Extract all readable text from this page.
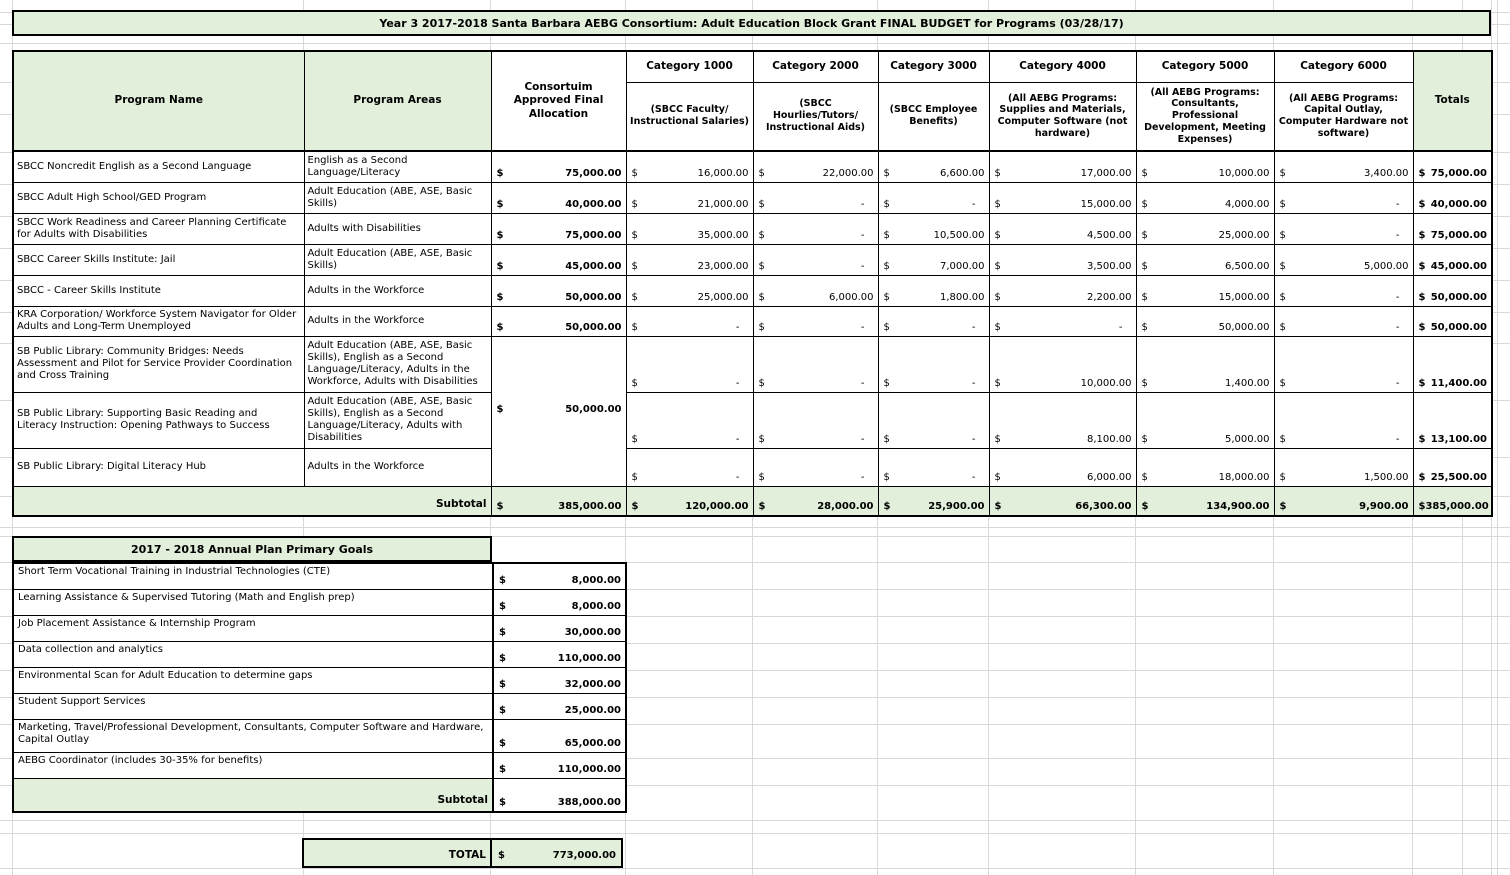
Year 3 2017-2018 Santa Barbara AEBG Consortium: Adult Education Block Grant FINAL BUDGET for Programs (03/28/17)
Program Name	Program Areas	Consortuim Approved Final Allocation	Category 1000	Category 2000	Category 3000	Category 4000	Category 5000	Category 6000	Totals
			(SBCC Faculty/ Instructional Salaries)	(SBCC Hourlies/Tutors/ Instructional Aids)	(SBCC Employee Benefits)	(All AEBG Programs: Supplies and Materials, Computer Software (not hardware)	(All AEBG Programs: Consultants, Professional Development, Meeting Expenses)	(All AEBG Programs: Capital Outlay, Computer Hardware not software)	
SBCC Noncredit English as a Second Language	English as a Second Language/Literacy	$ 75,000.00	$ 16,000.00	$ 22,000.00	$ 6,600.00	$ 17,000.00	$ 10,000.00	$ 3,400.00	$ 75,000.00
SBCC Adult High School/GED Program	Adult Education (ABE, ASE, Basic Skills)	$ 40,000.00	$ 21,000.00	$ -	$ -	$ 15,000.00	$ 4,000.00	$ -	$ 40,000.00
SBCC Work Readiness and Career Planning Certificate for Adults with Disabilities	Adults with Disabilities	$ 75,000.00	$ 35,000.00	$ -	$ 10,500.00	$ 4,500.00	$ 25,000.00	$ -	$ 75,000.00
SBCC Career Skills Institute: Jail	Adult Education (ABE, ASE, Basic Skills)	$ 45,000.00	$ 23,000.00	$ -	$ 7,000.00	$ 3,500.00	$ 6,500.00	$ 5,000.00	$ 45,000.00
SBCC - Career Skills Institute	Adults in the Workforce	$ 50,000.00	$ 25,000.00	$ 6,000.00	$ 1,800.00	$ 2,200.00	$ 15,000.00	$ -	$ 50,000.00
KRA Corporation/ Workforce System Navigator for Older Adults and Long-Term Unemployed	Adults in the Workforce	$ 50,000.00	$ -	$ -	$ -	$ -	$ 50,000.00	$ -	$ 50,000.00
SB Public Library: Community Bridges: Needs Assessment and Pilot for Service Provider Coordination and Cross Training	Adult Education (ABE, ASE, Basic Skills), English as a Second Language/Literacy, Adults in the Workforce, Adults with Disabilities	$ 50,000.00	$ -	$ -	$ -	$ 10,000.00	$ 1,400.00	$ -	$ 11,400.00
SB Public Library: Supporting Basic Reading and Literacy Instruction: Opening Pathways to Success	Adult Education (ABE, ASE, Basic Skills), English as a Second Language/Literacy, Adults with Disabilities		$ -	$ -	$ -	$ 8,100.00	$ 5,000.00	$ -	$ 13,100.00
SB Public Library: Digital Literacy Hub	Adults in the Workforce		$ -	$ -	$ -	$ 6,000.00	$ 18,000.00	$ 1,500.00	$ 25,500.00
Subtotal		$ 385,000.00	$ 120,000.00	$ 28,000.00	$ 25,900.00	$ 66,300.00	$ 134,900.00	$ 9,900.00	$ 385,000.00
2017 - 2018 Annual Plan Primary Goals
Short Term Vocational Training in Industrial Technologies (CTE)	$ 8,000.00
Learning Assistance & Supervised Tutoring (Math and English prep)	$ 8,000.00
Job Placement Assistance & Internship Program	$ 30,000.00
Data collection and analytics	$ 110,000.00
Environmental Scan for Adult Education to determine gaps	$ 32,000.00
Student Support Services	$ 25,000.00
Marketing, Travel/Professional Development, Consultants, Computer Software and Hardware, Capital Outlay	$ 65,000.00
AEBG Coordinator (includes 30-35% for benefits)	$ 110,000.00
Subtotal	$ 388,000.00
TOTAL	$	773,000.00
